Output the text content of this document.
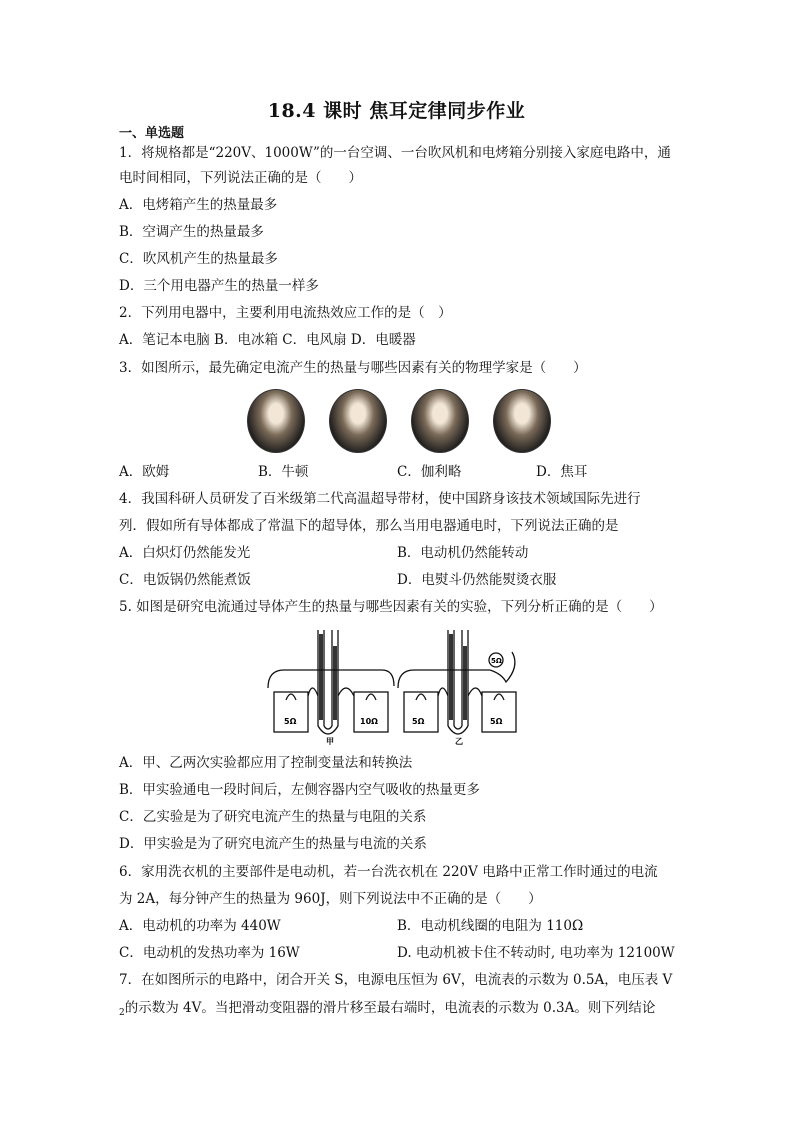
18.4 课时 焦耳定律同步作业
一、单选题
1．将规格都是“220V、1000W”的一台空调、一台吹风机和电烤箱分别接入家庭电路中，通
电时间相同，下列说法正确的是（　　）
A．电烤箱产生的热量最多
B．空调产生的热量最多
C．吹风机产生的热量最多
D．三个用电器产生的热量一样多
2．下列用电器中，主要利用电流热效应工作的是（　）
A．笔记本电脑 B．电冰箱 C．电风扇 D．电暖器
3．如图所示，最先确定电流产生的热量与哪些因素有关的物理学家是（　　）
A．欧姆	B．牛顿	C．伽利略	D．焦耳
4．我国科研人员研发了百米级第二代高温超导带材，使中国跻身该技术领域国际先进行
列．假如所有导体都成了常温下的超导体，那么当用电器通电时，下列说法正确的是
A．白炽灯仍然能发光	B．电动机仍然能转动
C．电饭锅仍然能煮饭	D．电熨斗仍然能熨烫衣服
5. 如图是研究电流通过导体产生的热量与哪些因素有关的实验，下列分析正确的是（　　）
5Ω	10Ω
甲
5Ω	5Ω
5Ω
乙
A．甲、乙两次实验都应用了控制变量法和转换法
B．甲实验通电一段时间后，左侧容器内空气吸收的热量更多
C．乙实验是为了研究电流产生的热量与电阻的关系
D．甲实验是为了研究电流产生的热量与电流的关系
6．家用洗衣机的主要部件是电动机，若一台洗衣机在 220V 电路中正常工作时通过的电流
为 2A，每分钟产生的热量为 960J，则下列说法中不正确的是（　　）
A．电动机的功率为 440W	B．电动机线圈的电阻为 110Ω
C．电动机的发热功率为 16W	D. 电动机被卡住不转动时, 电功率为 12100W
7．在如图所示的电路中，闭合开关 S，电源电压恒为 6V，电流表的示数为 0.5A，电压表 V
$_2$的示数为 4V。当把滑动变阻器的滑片移至最右端时，电流表的示数为 0.3A。则下列结论
